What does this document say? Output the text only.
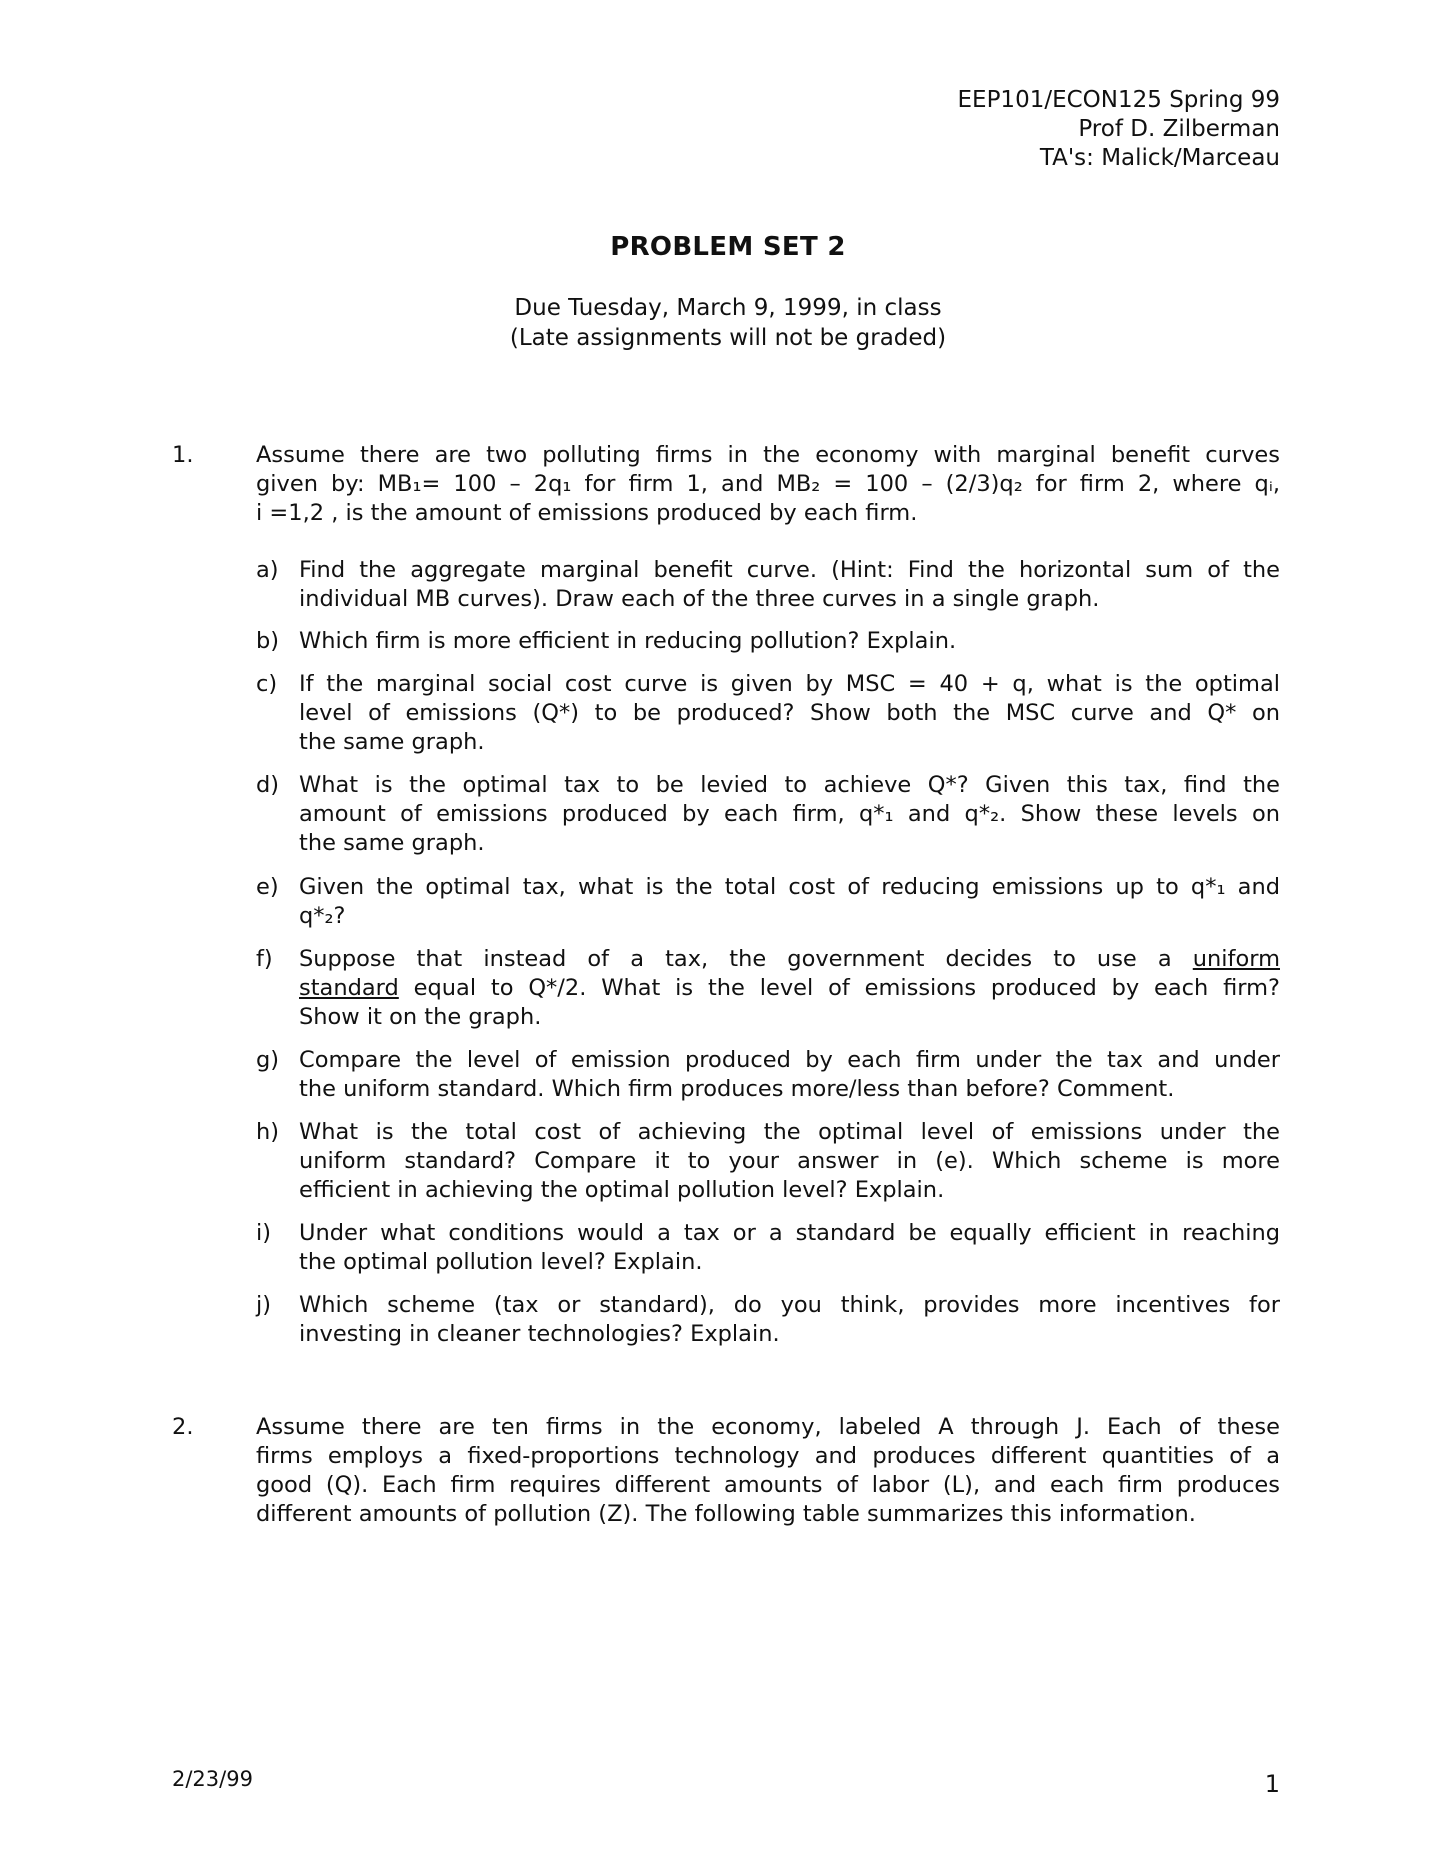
EEP101/ECON125 Spring 99
Prof D. Zilberman
TA's: Malick/Marceau
PROBLEM SET 2
Due Tuesday, March 9, 1999, in class
(Late assignments will not be graded)
1.	Assume there are two polluting firms in the economy with marginal benefit curves
given by: MB₁= 100 – 2q₁ for firm 1, and MB₂ = 100 – (2/3)q₂ for firm 2, where qᵢ,
i =1,2 , is the amount of emissions produced by each firm.
a) Find the aggregate marginal benefit curve. (Hint: Find the horizontal sum of the
individual MB curves). Draw each of the three curves in a single graph.
b) Which firm is more efficient in reducing pollution? Explain.
c) If the marginal social cost curve is given by MSC = 40 + q, what is the optimal
level of emissions (Q*) to be produced? Show both the MSC curve and Q* on
the same graph.
d) What is the optimal tax to be levied to achieve Q*? Given this tax, find the
amount of emissions produced by each firm, q*₁ and q*₂. Show these levels on
the same graph.
e) Given the optimal tax, what is the total cost of reducing emissions up to q*₁ and
q*₂?
f) Suppose that instead of a tax, the government decides to use a uniform
standard equal to Q*/2. What is the level of emissions produced by each firm?
Show it on the graph.
g) Compare the level of emission produced by each firm under the tax and under
the uniform standard. Which firm produces more/less than before? Comment.
h) What is the total cost of achieving the optimal level of emissions under the
uniform standard? Compare it to your answer in (e). Which scheme is more
efficient in achieving the optimal pollution level? Explain.
i) Under what conditions would a tax or a standard be equally efficient in reaching
the optimal pollution level? Explain.
j) Which scheme (tax or standard), do you think, provides more incentives for
investing in cleaner technologies? Explain.
2.	Assume there are ten firms in the economy, labeled A through J. Each of these
firms employs a fixed-proportions technology and produces different quantities of a
good (Q). Each firm requires different amounts of labor (L), and each firm produces
different amounts of pollution (Z). The following table summarizes this information.
2/23/99	1
